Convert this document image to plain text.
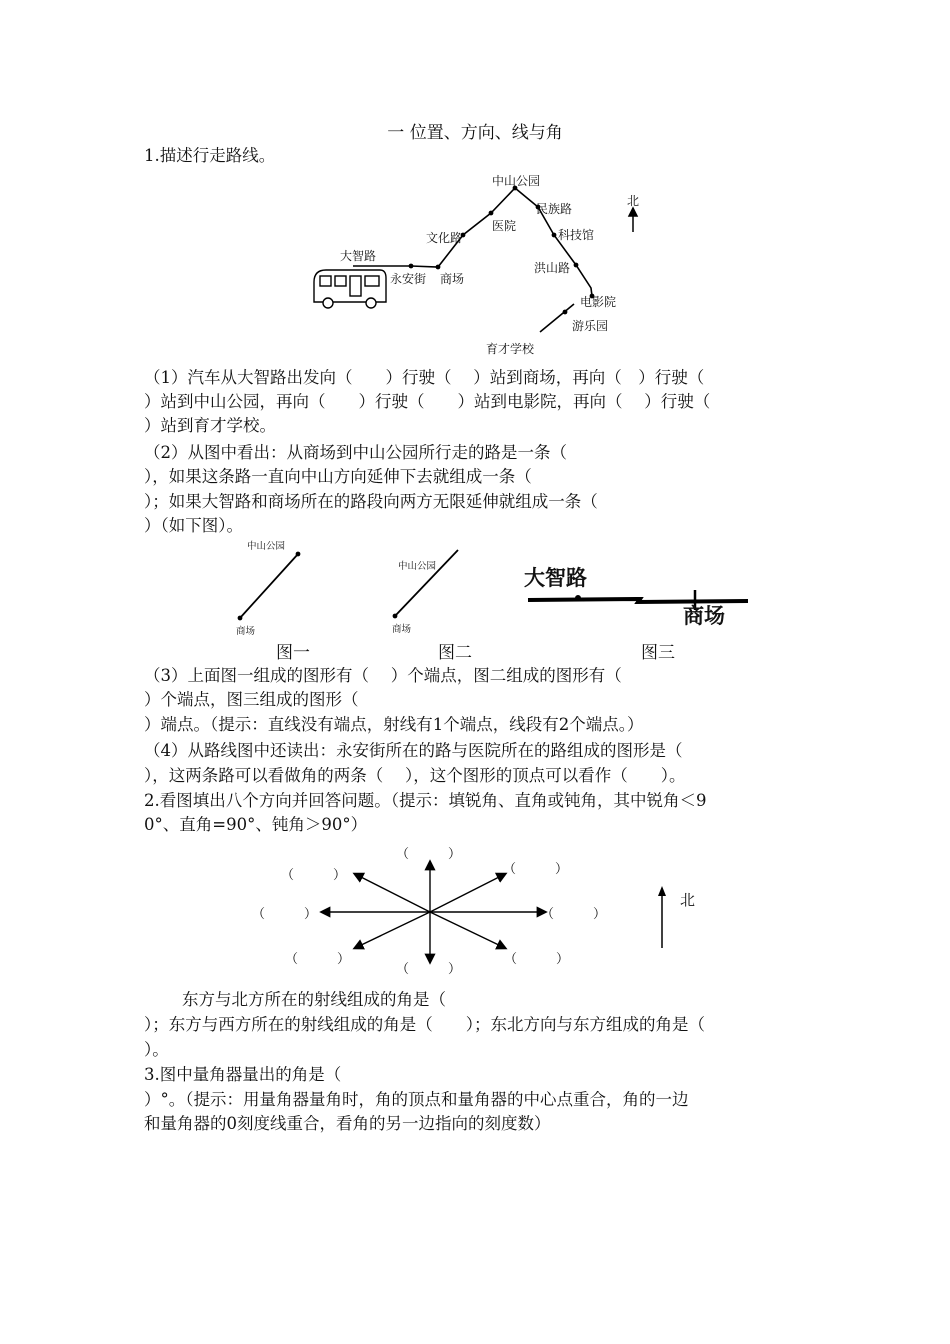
一 位置、方向、线与角
1.描述行走路线。
中山公园
民族路
医院
文化路	科技馆
大智路
永安街 商场
洪山路
电影院
游乐园
育才学校
北
（1）汽车从大智路出发向（　　）行驶（　 ）站到商场，再向（　）行驶（
）站到中山公园，再向（　　）行驶（　　）站到电影院，再向（　 ）行驶（
）站到育才学校。
（2）从图中看出：从商场到中山公园所行走的路是一条（
），如果这条路一直向中山方向延伸下去就组成一条（
）；如果大智路和商场所在的路段向两方无限延伸就组成一条（
）（如下图）。
中山公园
商场
中山公园
商场
大智路
商场
图一	图二	图三
（3）上面图一组成的图形有（　 ）个端点，图二组成的图形有（
）个端点，图三组成的图形（
）端点。（提示：直线没有端点，射线有1个端点，线段有2个端点。）
（4）从路线图中还读出：永安街所在的路与医院所在的路组成的图形是（
），这两条路可以看做角的两条（　 ），这个图形的顶点可以看作（　　）。
2.看图填出八个方向并回答问题。（提示：填锐角、直角或钝角，其中锐角＜9
0°、直角=90°、钝角＞90°）
（　　　）
（　　　）
（　　　）
（　　　）
（　　　）
（　　　）
（　　　）
（　　　）
北
东方与北方所在的射线组成的角是（
）；东方与西方所在的射线组成的角是（　　）；东北方向与东方组成的角是（
）。
3.图中量角器量出的角是（
）°。（提示：用量角器量角时，角的顶点和量角器的中心点重合，角的一边
和量角器的0刻度线重合，看角的另一边指向的刻度数）
